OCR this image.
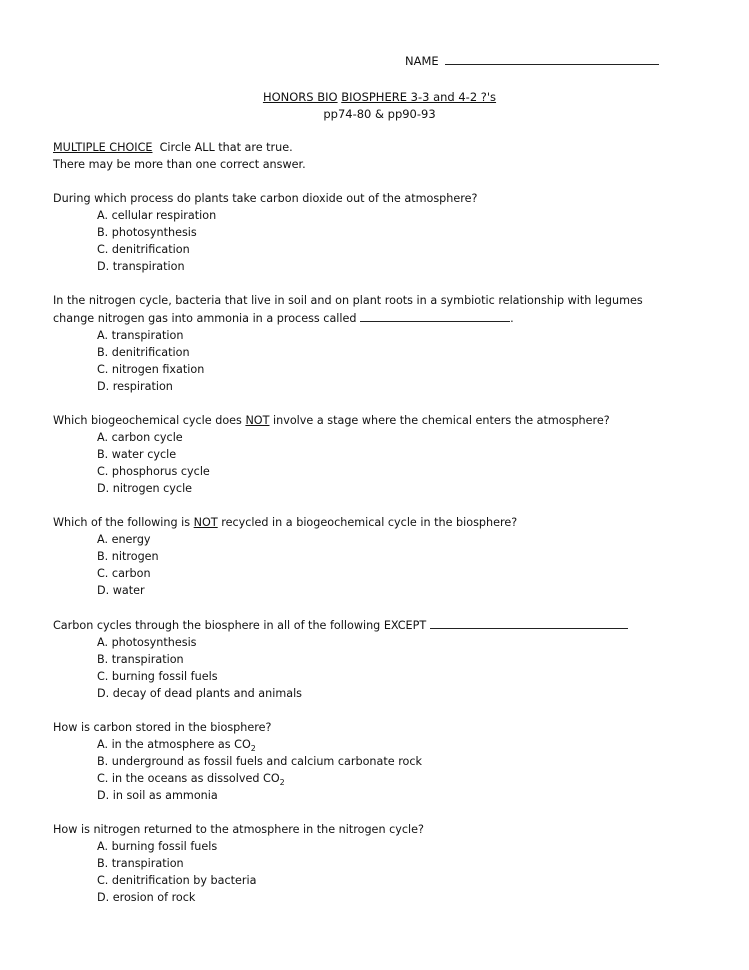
NAME
HONORS BIO BIOSPHERE 3-3 and 4-2 ?'s
pp74-80 & pp90-93

MULTIPLE CHOICE  Circle ALL that are true.

There may be more than one correct answer.

During which process do plants take carbon dioxide out of the atmosphere?

A. cellular respiration
B. photosynthesis
C. denitrification
D. transpiration

In the nitrogen cycle, bacteria that live in soil and on plant roots in a symbiotic relationship with legumes

change nitrogen gas into ammonia in a process called	.

A. transpiration
B. denitrification
C. nitrogen fixation
D. respiration

Which biogeochemical cycle does NOT involve a stage where the chemical enters the atmosphere?

A. carbon cycle
B. water cycle
C. phosphorus cycle
D. nitrogen cycle

Which of the following is NOT recycled in a biogeochemical cycle in the biosphere?

A. energy
B. nitrogen
C. carbon
D. water

Carbon cycles through the biosphere in all of the following EXCEPT

A. photosynthesis
B. transpiration
C. burning fossil fuels
D. decay of dead plants and animals

How is carbon stored in the biosphere?

A. in the atmosphere as $CO_2$
B. underground as fossil fuels and calcium carbonate rock
C. in the oceans as dissolved $CO_2$
D. in soil as ammonia

How is nitrogen returned to the atmosphere in the nitrogen cycle?

A. burning fossil fuels
B. transpiration
C. denitrification by bacteria
D. erosion of rock
